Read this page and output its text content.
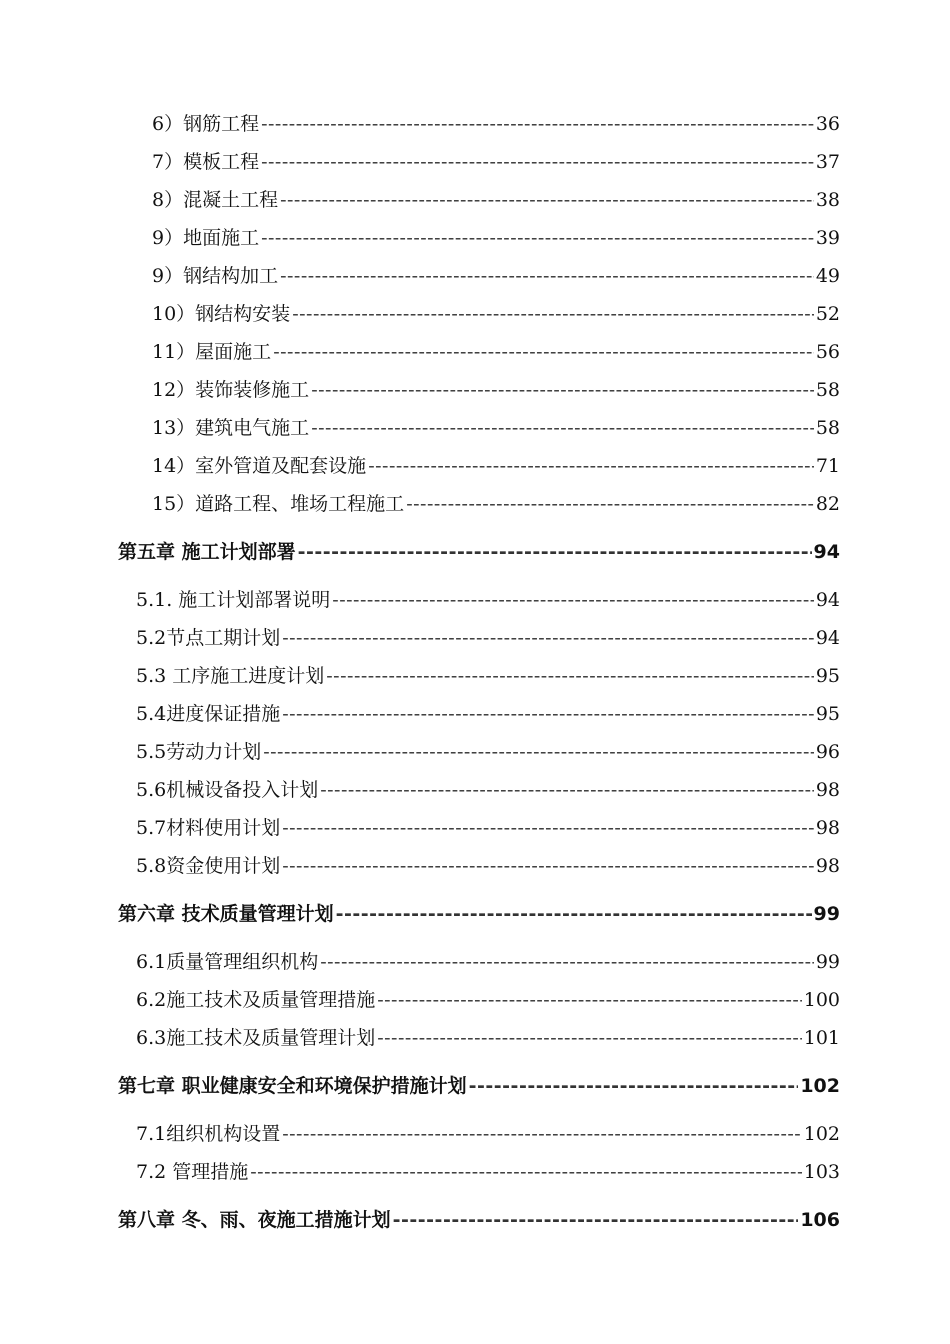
6）钢筋工程 -----	36
7）模板工程 -----	37
8）混凝土工程 -----	38
9）地面施工 -----	39
9）钢结构加工 -----	49
10）钢结构安装 -----	52
11）屋面施工 -----	56
12）装饰装修施工 -----	58
13）建筑电气施工 -----	58
14）室外管道及配套设施 -----	71
15）道路工程、堆场工程施工 -----	82
第五章 施工计划部署 -----	94
5.1. 施工计划部署说明 -----	94
5.2节点工期计划 -----	94
5.3 工序施工进度计划 -----	95
5.4进度保证措施 -----	95
5.5劳动力计划 -----	96
5.6机械设备投入计划 -----	98
5.7材料使用计划 -----	98
5.8资金使用计划 -----	98
第六章 技术质量管理计划 -----	99
6.1质量管理组织机构 -----	99
6.2施工技术及质量管理措施 -----	100
6.3施工技术及质量管理计划 -----	101
第七章 职业健康安全和环境保护措施计划 -----	102
7.1组织机构设置 -----	102
7.2 管理措施 -----	103
第八章 冬、雨、夜施工措施计划 -----	106
